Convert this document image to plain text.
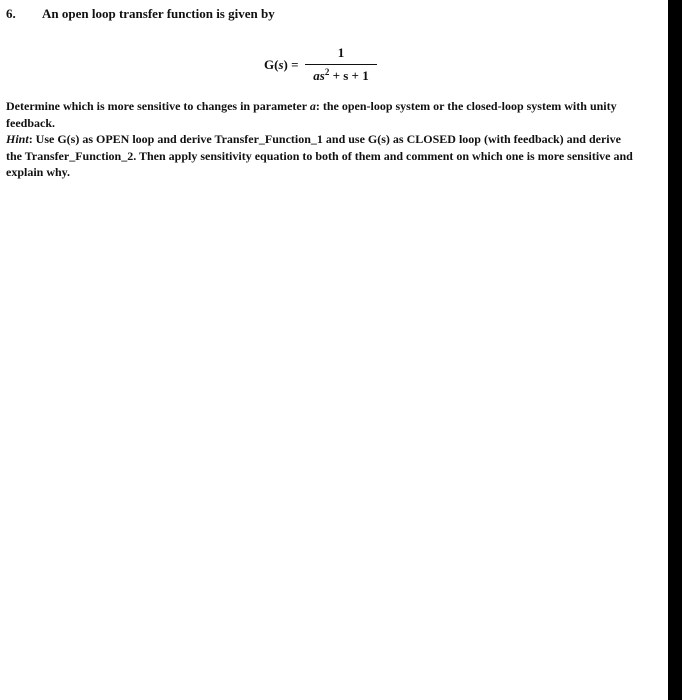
6. An open loop transfer function is given by
G(s) =
1
$as^2 + s + 1$

Determine which is more sensitive to changes in parameter a: the open-loop system or the closed-loop system with unity feedback.

Hint: Use G(s) as OPEN loop and derive Transfer_Function_1 and use G(s) as CLOSED loop (with feedback) and derive the Transfer_Function_2. Then apply sensitivity equation to both of them and comment on which one is more sensitive and explain why.
